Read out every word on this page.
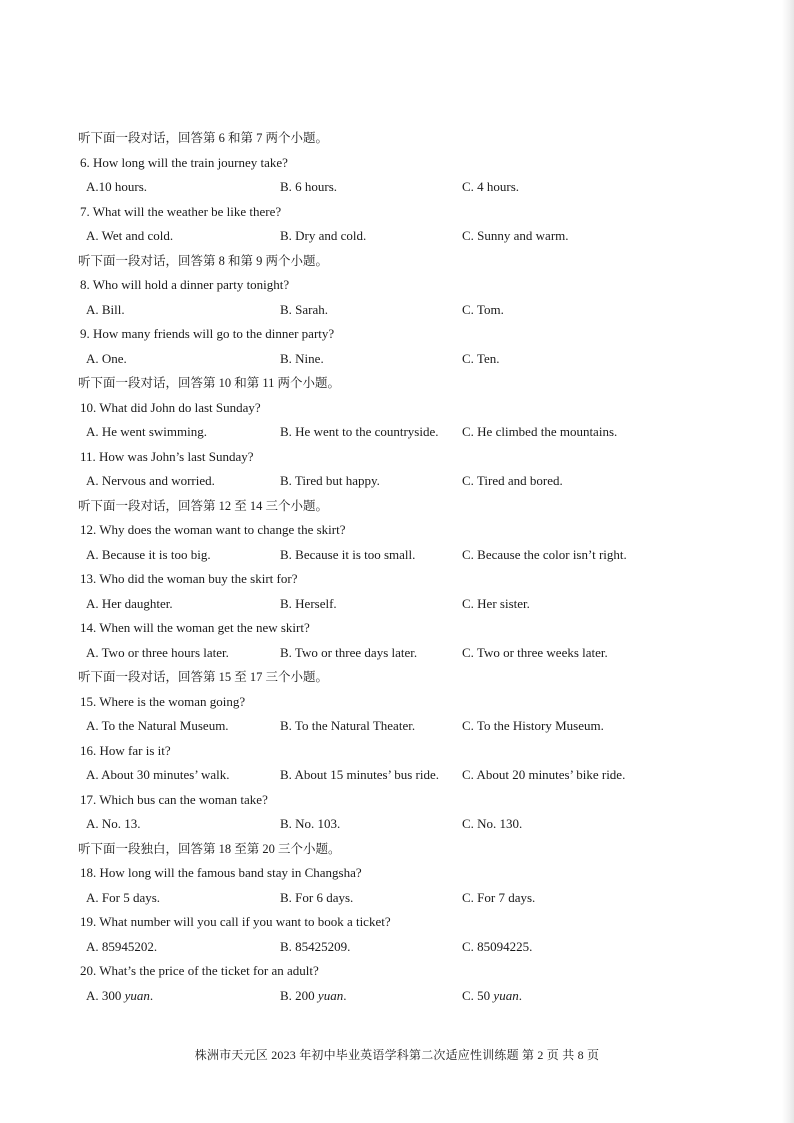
听下面一段对话，回答第 6 和第 7 两个小题。
6. How long will the train journey take?
A.10 hours.	B. 6 hours.	C. 4 hours.
7. What will the weather be like there?
A. Wet and cold.	B. Dry and cold.	C. Sunny and warm.
听下面一段对话，回答第 8 和第 9 两个小题。
8. Who will hold a dinner party tonight?
A. Bill.	B. Sarah.	C. Tom.
9. How many friends will go to the dinner party?
A. One.	B. Nine.	C. Ten.
听下面一段对话，回答第 10 和第 11 两个小题。
10. What did John do last Sunday?
A. He went swimming.	B. He went to the countryside. C. He climbed the mountains.
11. How was John’s last Sunday?
A. Nervous and worried.	B. Tired but happy.	C. Tired and bored.
听下面一段对话，回答第 12 至 14 三个小题。
12. Why does the woman want to change the skirt?
A. Because it is too big.	B. Because it is too small.	C. Because the color isn’t right.
13. Who did the woman buy the skirt for?
A. Her daughter.	B. Herself.	C. Her sister.
14. When will the woman get the new skirt?
A. Two or three hours later.	B. Two or three days later.	C. Two or three weeks later.
听下面一段对话，回答第 15 至 17 三个小题。
15. Where is the woman going?
A. To the Natural Museum.	B. To the Natural Theater.	C. To the History Museum.
16. How far is it?
A. About 30 minutes’ walk.	B. About 15 minutes’ bus ride. C. About 20 minutes’ bike ride.
17. Which bus can the woman take?
A. No. 13.	B. No. 103.	C. No. 130.
听下面一段独白，回答第 18 至第 20 三个小题。
18. How long will the famous band stay in Changsha?
A. For 5 days.	B. For 6 days.	C. For 7 days.
19. What number will you call if you want to book a ticket?
A. 85945202.	B. 85425209.	C. 85094225.
20. What’s the price of the ticket for an adult?
A. 300 yuan.	B. 200 yuan.	C. 50 yuan.
株洲市天元区 2023 年初中毕业英语学科第二次适应性训练题 第 2 页 共 8 页
